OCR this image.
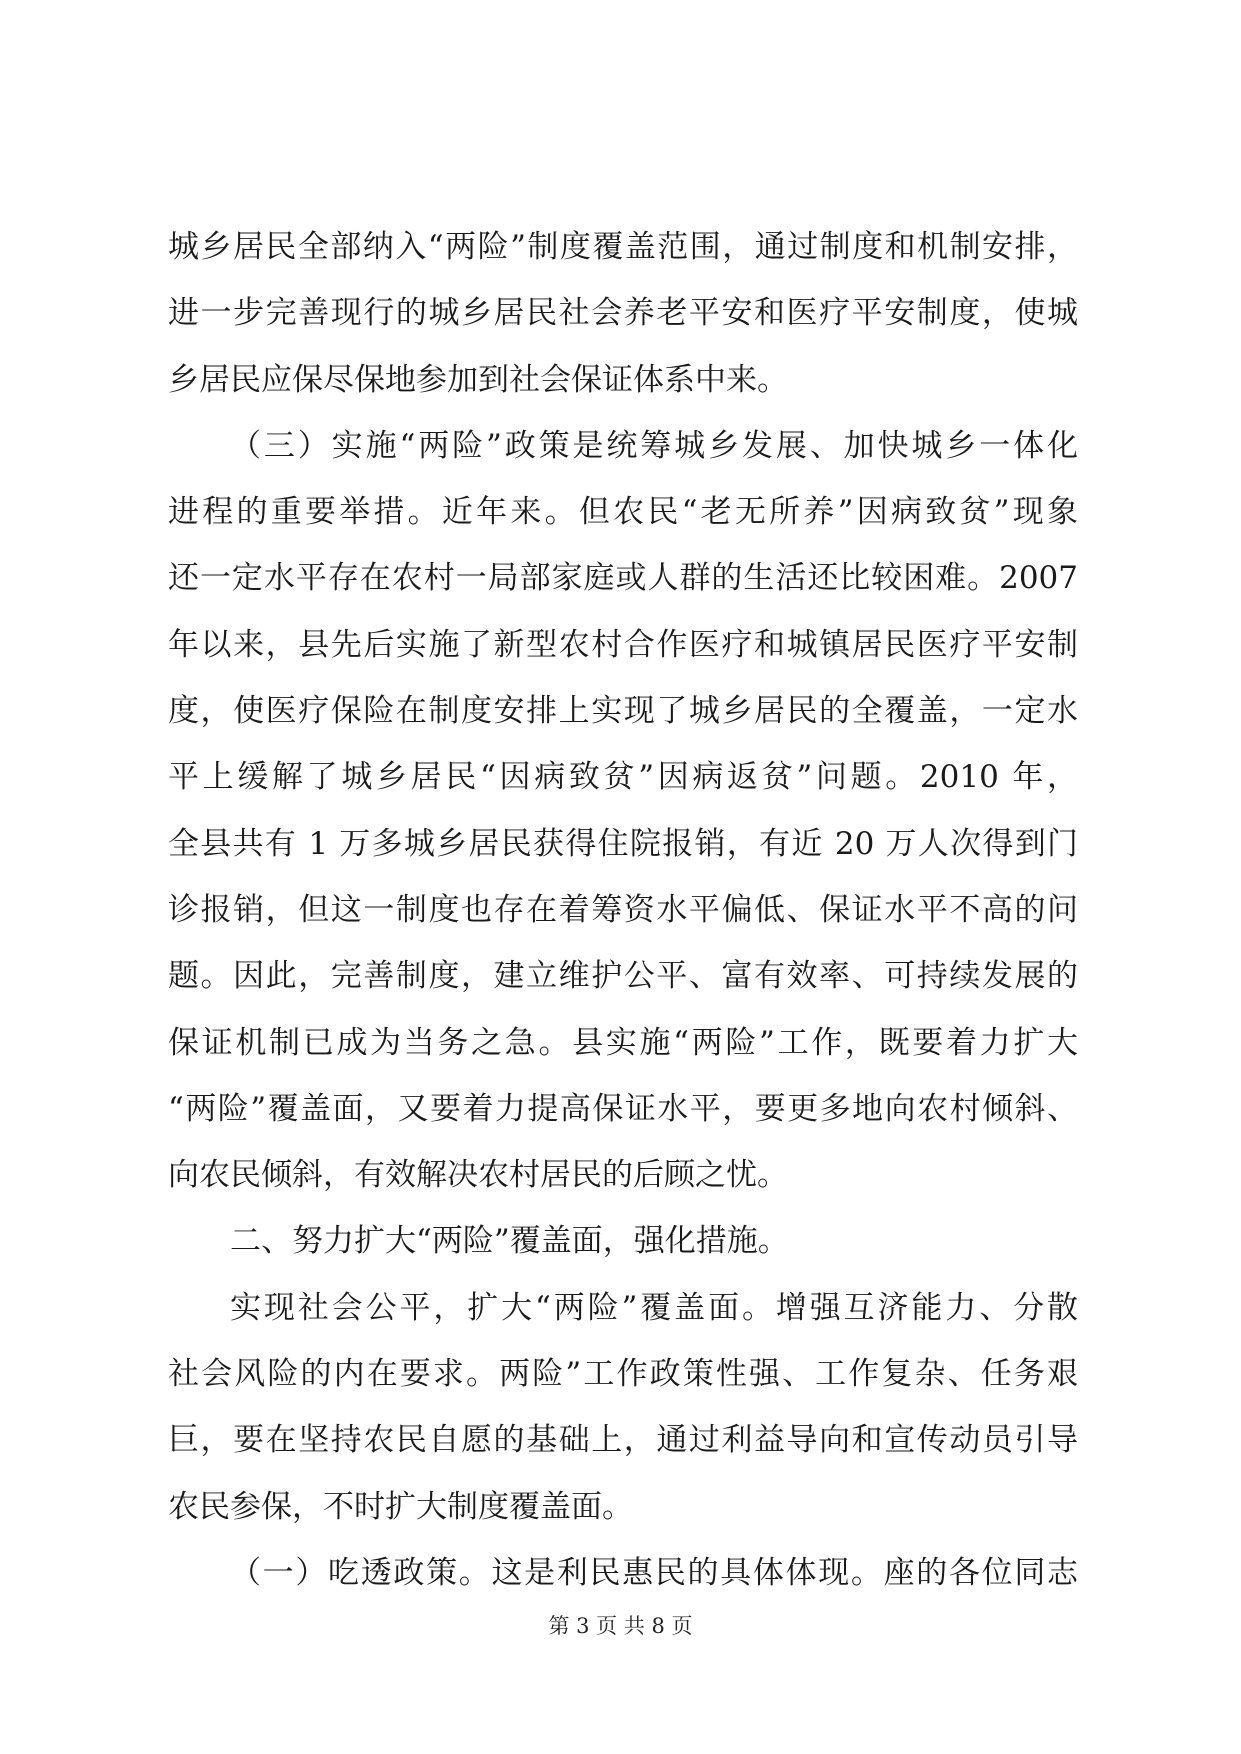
城乡居民全部纳入“两险”制度覆盖范围，通过制度和机制安排，
进一步完善现行的城乡居民社会养老平安和医疗平安制度，使城
乡居民应保尽保地参加到社会保证体系中来。
（三）实施“两险”政策是统筹城乡发展、加快城乡一体化
进程的重要举措。近年来。但农民“老无所养”因病致贫”现象
还一定水平存在农村一局部家庭或人群的生活还比较困难。2007
年以来，县先后实施了新型农村合作医疗和城镇居民医疗平安制
度，使医疗保险在制度安排上实现了城乡居民的全覆盖，一定水
平上缓解了城乡居民“因病致贫”因病返贫”问题。2010 年，
全县共有 1 万多城乡居民获得住院报销，有近 20 万人次得到门
诊报销，但这一制度也存在着筹资水平偏低、保证水平不高的问
题。因此，完善制度，建立维护公平、富有效率、可持续发展的
保证机制已成为当务之急。县实施“两险”工作，既要着力扩大
“两险”覆盖面，又要着力提高保证水平，要更多地向农村倾斜、
向农民倾斜，有效解决农村居民的后顾之忧。
二、努力扩大“两险”覆盖面，强化措施。
实现社会公平，扩大“两险”覆盖面。增强互济能力、分散
社会风险的内在要求。两险”工作政策性强、工作复杂、任务艰
巨，要在坚持农民自愿的基础上，通过利益导向和宣传动员引导
农民参保，不时扩大制度覆盖面。
（一）吃透政策。这是利民惠民的具体体现。座的各位同志
第 3 页 共 8 页
